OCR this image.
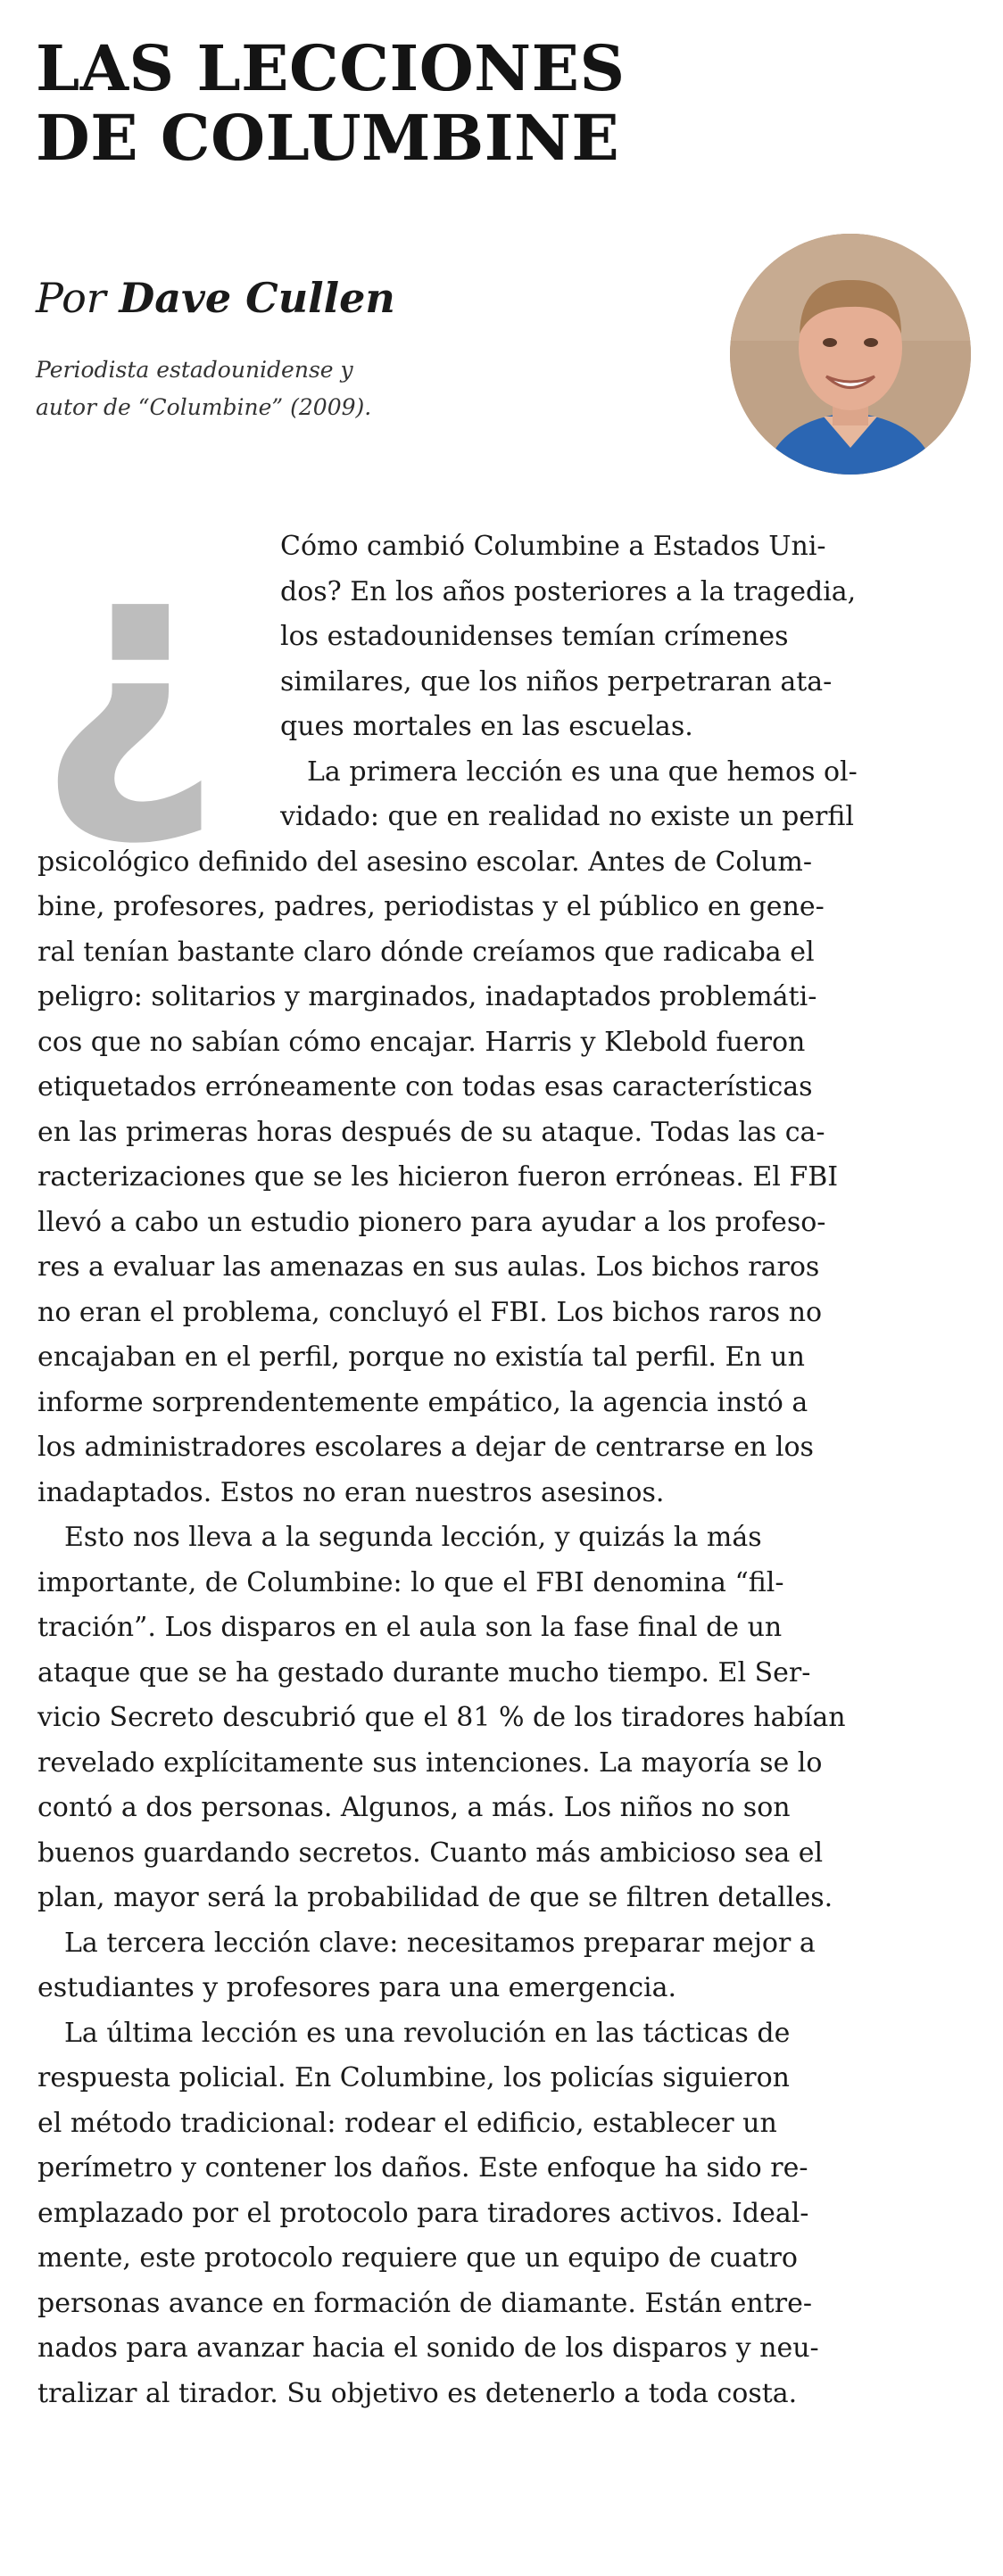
LAS LECCIONES
DE COLUMBINE
Por Dave Cullen
Periodista estadounidense y
autor de “Columbine” (2009).
¿	Cómo cambió Columbine a Estados Uni-
dos? En los años posteriores a la tragedia,
los estadounidenses temían crímenes
similares, que los niños perpetraran ata-
ques mortales en las escuelas.
La primera lección es una que hemos ol-
vidado: que en realidad no existe un perfil
psicológico definido del asesino escolar. Antes de Colum-
bine, profesores, padres, periodistas y el público en gene-
ral tenían bastante claro dónde creíamos que radicaba el
peligro: solitarios y marginados, inadaptados problemáti-
cos que no sabían cómo encajar. Harris y Klebold fueron
etiquetados erróneamente con todas esas características
en las primeras horas después de su ataque. Todas las ca-
racterizaciones que se les hicieron fueron erróneas. El FBI
llevó a cabo un estudio pionero para ayudar a los profeso-
res a evaluar las amenazas en sus aulas. Los bichos raros
no eran el problema, concluyó el FBI. Los bichos raros no
encajaban en el perfil, porque no existía tal perfil. En un
informe sorprendentemente empático, la agencia instó a
los administradores escolares a dejar de centrarse en los
inadaptados. Estos no eran nuestros asesinos.
Esto nos lleva a la segunda lección, y quizás la más
importante, de Columbine: lo que el FBI denomina “fil-
tración”. Los disparos en el aula son la fase final de un
ataque que se ha gestado durante mucho tiempo. El Ser-
vicio Secreto descubrió que el 81 % de los tiradores habían
revelado explícitamente sus intenciones. La mayoría se lo
contó a dos personas. Algunos, a más. Los niños no son
buenos guardando secretos. Cuanto más ambicioso sea el
plan, mayor será la probabilidad de que se filtren detalles.
La tercera lección clave: necesitamos preparar mejor a
estudiantes y profesores para una emergencia.
La última lección es una revolución en las tácticas de
respuesta policial. En Columbine, los policías siguieron
el método tradicional: rodear el edificio, establecer un
perímetro y contener los daños. Este enfoque ha sido re-
emplazado por el protocolo para tiradores activos. Ideal-
mente, este protocolo requiere que un equipo de cuatro
personas avance en formación de diamante. Están entre-
nados para avanzar hacia el sonido de los disparos y neu-
tralizar al tirador. Su objetivo es detenerlo a toda costa.
